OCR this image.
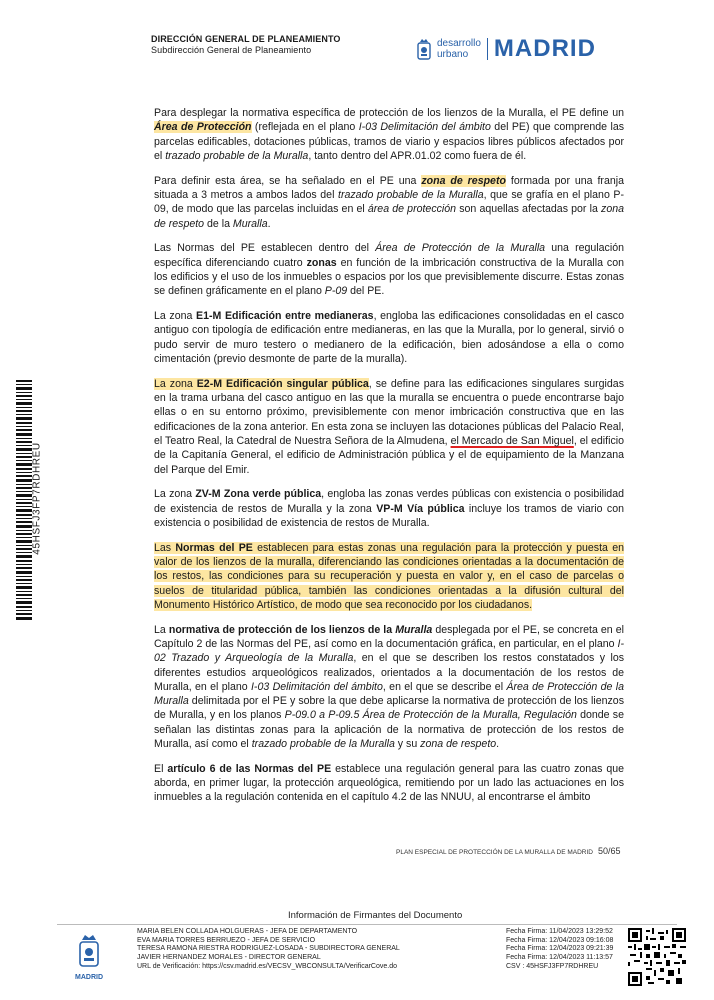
DIRECCIÓN GENERAL DE PLANEAMIENTO
Subdirección General de Planeamiento
desarrollo
urbano	MADRID
45HSFJ3FP7RDHREU

Para desplegar la normativa específica de protección de los lienzos de la Muralla, el PE define un Área de Protección (reflejada en el plano I-03 Delimitación del ámbito del PE) que comprende las parcelas edificables, dotaciones públicas, tramos de viario y espacios libres públicos afectados por el trazado probable de la Muralla, tanto dentro del APR.01.02 como fuera de él.

Para definir esta área, se ha señalado en el PE una zona de respeto formada por una franja situada a 3 metros a ambos lados del trazado probable de la Muralla, que se grafía en el plano P-09, de modo que las parcelas incluidas en el área de protección son aquellas afectadas por la zona de respeto de la Muralla.

Las Normas del PE establecen dentro del Área de Protección de la Muralla una regulación específica diferenciando cuatro zonas en función de la imbricación constructiva de la Muralla con los edificios y el uso de los inmuebles o espacios por los que previsiblemente discurre. Estas zonas se definen gráficamente en el plano P-09 del PE.

La zona E1-M Edificación entre medianeras, engloba las edificaciones consolidadas en el casco antiguo con tipología de edificación entre medianeras, en las que la Muralla, por lo general, sirvió o pudo servir de muro testero o medianero de la edificación, bien adosándose a ella o como cimentación (previo desmonte de parte de la muralla).

La zona E2-M Edificación singular pública, se define para las edificaciones singulares surgidas en la trama urbana del casco antiguo en las que la muralla se encuentra o puede encontrarse bajo ellas o en su entorno próximo, previsiblemente con menor imbricación constructiva que en las edificaciones de la zona anterior. En esta zona se incluyen las dotaciones públicas del Palacio Real, el Teatro Real, la Catedral de Nuestra Señora de la Almudena, el Mercado de San Miguel, el edificio de la Capitanía General, el edificio de Administración pública y el de equipamiento de la Manzana del Parque del Emir.

La zona ZV-M Zona verde pública, engloba las zonas verdes públicas con existencia o posibilidad de existencia de restos de Muralla y la zona VP-M Vía pública incluye los tramos de viario con existencia o posibilidad de existencia de restos de Muralla.

Las Normas del PE establecen para estas zonas una regulación para la protección y puesta en valor de los lienzos de la muralla, diferenciando las condiciones orientadas a la documentación de los restos, las condiciones para su recuperación y puesta en valor y, en el caso de parcelas o suelos de titularidad pública, también las condiciones orientadas a la difusión cultural del Monumento Histórico Artístico, de modo que sea reconocido por los ciudadanos.

La normativa de protección de los lienzos de la Muralla desplegada por el PE, se concreta en el Capítulo 2 de las Normas del PE, así como en la documentación gráfica, en particular, en el plano I-02 Trazado y Arqueología de la Muralla, en el que se describen los restos constatados y los diferentes estudios arqueológicos realizados, orientados a la documentación de los restos de Muralla, en el plano I-03 Delimitación del ámbito, en el que se describe el Área de Protección de la Muralla delimitada por el PE y sobre la que debe aplicarse la normativa de protección de los lienzos de Muralla, y en los planos P-09.0 a P-09.5 Área de Protección de la Muralla, Regulación donde se señalan las distintas zonas para la aplicación de la normativa de protección de los restos de Muralla, así como el trazado probable de la Muralla y su zona de respeto.

El artículo 6 de las Normas del PE establece una regulación general para las cuatro zonas que aborda, en primer lugar, la protección arqueológica, remitiendo por un lado las actuaciones en los inmuebles a la regulación contenida en el capítulo 4.2 de las NNUU, al encontrarse el ámbito

PLAN ESPECIAL DE PROTECCIÓN DE LA MURALLA DE MADRID 50/65
Información de Firmantes del Documento
MADRID
MARIA BELEN COLLADA HOLGUERAS - JEFA DE DEPARTAMENTO
EVA MARIA TORRES BERRUEZO - JEFA DE SERVICIO
TERESA RAMONA RIESTRA RODRIGUEZ-LOSADA - SUBDIRECTORA GENERAL
JAVIER HERNANDEZ MORALES - DIRECTOR GENERAL
URL de Verificación: https://csv.madrid.es/VECSV_WBCONSULTA/VerificarCove.do
Fecha Firma: 11/04/2023 13:29:52
Fecha Firma: 12/04/2023 09:16:08
Fecha Firma: 12/04/2023 09:21:39
Fecha Firma: 12/04/2023 11:13:57
CSV : 45HSFJ3FP7RDHREU
